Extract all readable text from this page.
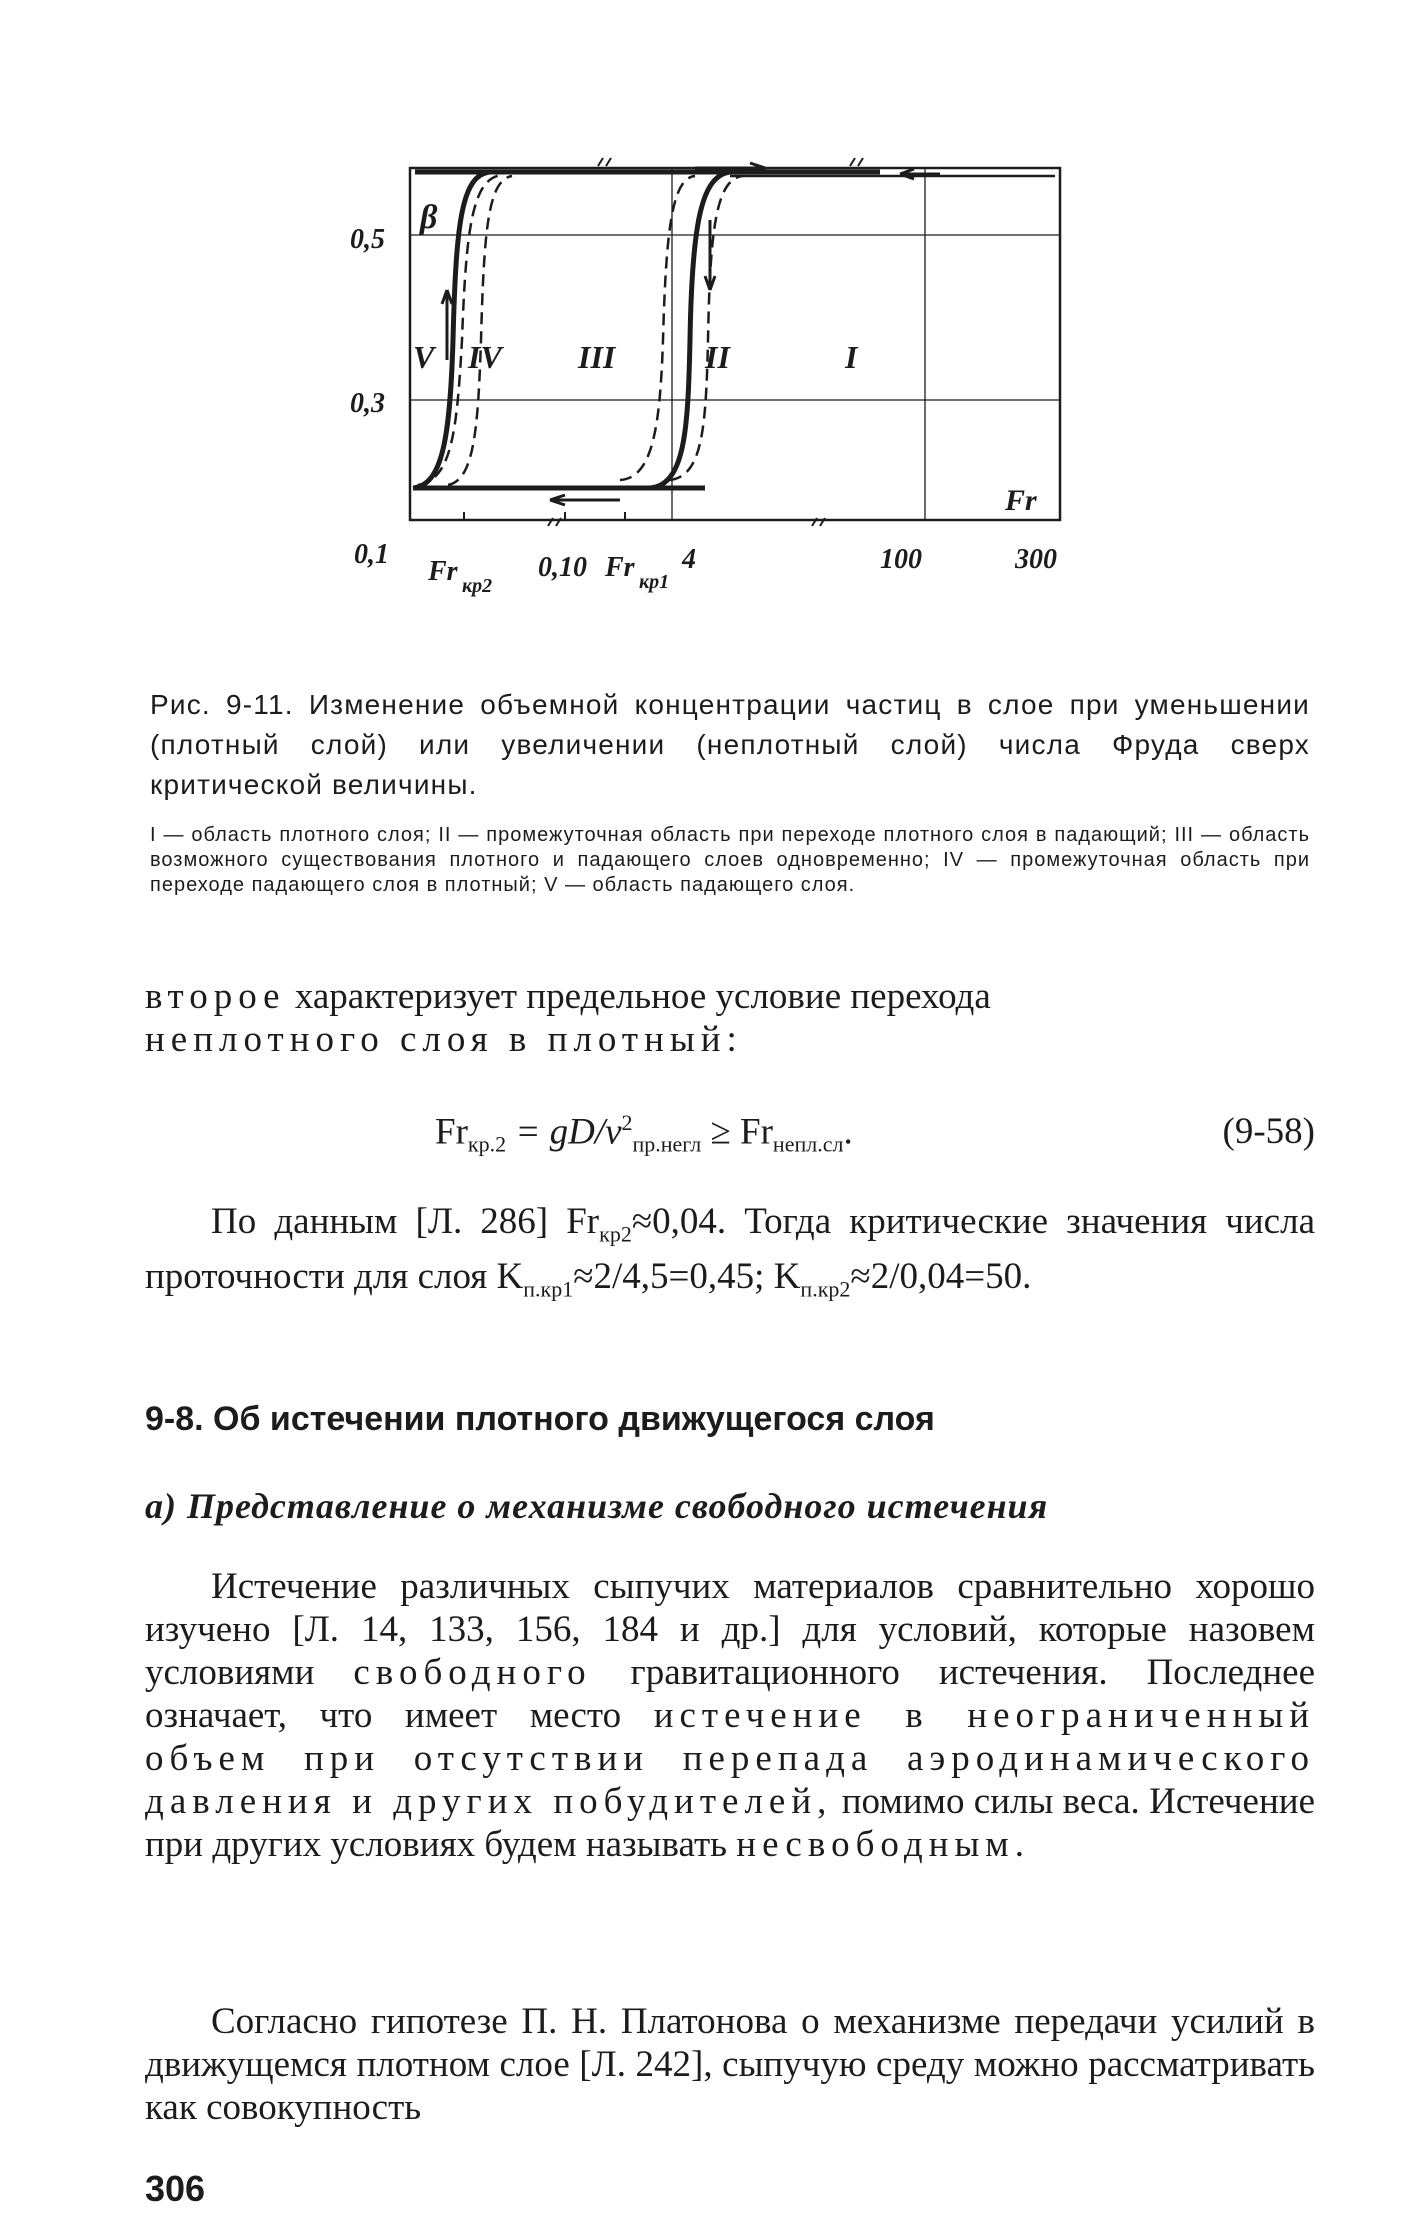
0,5
0,3
0,1
β
V IV III	II	I
Fr
Fr кр2
0,10 Fr кр1
4	100	300

Рис. 9-11. Изменение объемной концентрации частиц в слое при уменьшении (плотный слой) или увеличении (неплотный слой) числа Фруда сверх критической величины.

I — область плотного слоя; II — промежуточная область при переходе плотного слоя в падающий; III — область возможного существования плотного и падающего слоев одновременно; IV — промежуточная область при переходе падающего слоя в плотный; V — область падающего слоя.

второе характеризует предельное условие перехода
неплотного слоя в плотный:

$Fr_{кр.2} = gD/v^2_{пр.негл} \ge Fr_{непл.сл}$.	(9-58)

По данным [Л. 286] $Fr_{кр2}\approx 0,04$. Тогда критические значения числа проточности для слоя $K_{п.кр1}\approx 2/4,5=0,45$; $K_{п.кр2}\approx 2/0,04=50$.

9-8. Об истечении плотного движущегося слоя
а) Представление о механизме свободного истечения

Истечение различных сыпучих материалов сравнительно хорошо изучено [Л. 14, 133, 156, 184 и др.] для условий, которые назовем условиями свободного гравитационного истечения. Последнее означает, что имеет место истечение в неограниченный объем при отсутствии перепада аэродинамического давления и других побудителей, помимо силы веса. Истечение при других условиях будем называть несвободным.

Согласно гипотезе П. Н. Платонова о механизме передачи усилий в движущемся плотном слое [Л. 242], сыпучую среду можно рассматривать как совокупность

306
